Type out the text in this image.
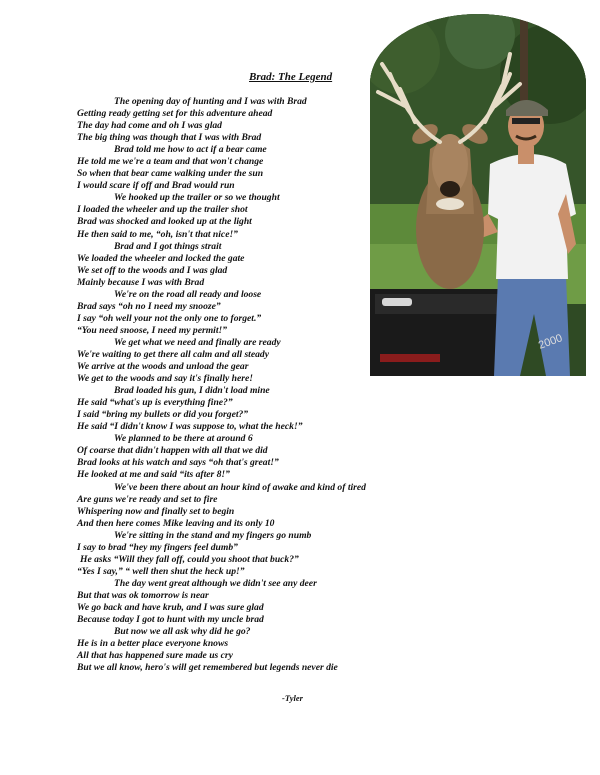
Brad: The Legend
The opening day of hunting and I was with Brad
Getting ready getting set for this adventure ahead
The day had come and oh I was glad
The big thing was though that I was with Brad
Brad told me how to act if a bear came
He told me we're a team and that won't change
So when that bear came walking under the sun
I would scare if off and Brad would run
We hooked up the trailer or so we thought
I loaded the wheeler and up the trailer shot
Brad was shocked and looked up at the light
He then said to me, “oh, isn't that nice!”
Brad and I got things strait
We loaded the wheeler and locked the gate
We set off to the woods and I was glad
Mainly because I was with Brad
We're on the road all ready and loose
Brad says “oh no I need my snooze”
I say “oh well your not the only one to forget.”
“You need snoose, I need my permit!”
We get what we need and finally are ready
We're waiting to get there all calm and all steady
We arrive at the woods and unload the gear
We get to the woods and say it's finally here!
Brad loaded his gun, I didn't load mine
He said “what's up is everything fine?”
I said “bring my bullets or did you forget?”
He said “I didn't know I was suppose to, what the heck!”
We planned to be there at around 6
Of coarse that didn't happen with all that we did
Brad looks at his watch and says “oh that's great!”
He looked at me and said “its after 8!”
We've been there about an hour kind of awake and kind of tired
Are guns we're ready and set to fire
Whispering now and finally set to begin
And then here comes Mike leaving and its only 10
We're sitting in the stand and my fingers go numb
I say to brad “hey my fingers feel dumb”
He asks “Will they fall off, could you shoot that buck?”
“Yes I say,” “ well then shut the heck up!”
The day went great although we didn't see any deer
But that was ok tomorrow is near
We go back and have krub, and I was sure glad
Because today I got to hunt with my uncle brad
But now we all ask why did he go?
He is in a better place everyone knows
All that has happened sure made us cry
But we all know, hero's will get remembered but legends never die
-Tyler
2000
